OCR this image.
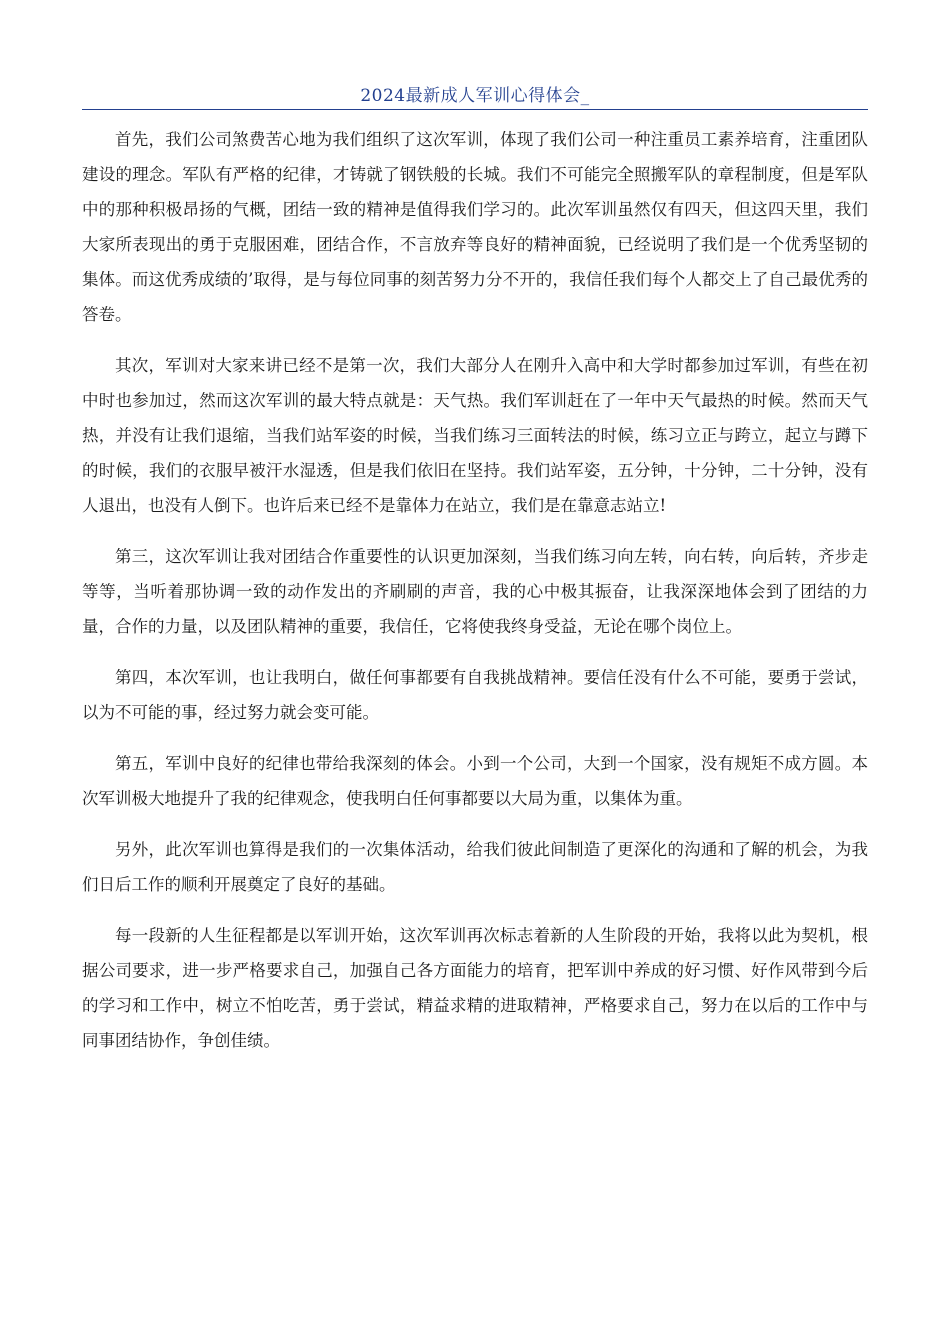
2024最新成人军训心得体会_

首先，我们公司煞费苦心地为我们组织了这次军训，体现了我们公司一种注重员工素养培育，注重团队建设的理念。军队有严格的纪律，才铸就了钢铁般的长城。我们不可能完全照搬军队的章程制度，但是军队中的那种积极昂扬的气概，团结一致的精神是值得我们学习的。此次军训虽然仅有四天，但这四天里，我们大家所表现出的勇于克服困难，团结合作，不言放弃等良好的精神面貌，已经说明了我们是一个优秀坚韧的集体。而这优秀成绩的’取得，是与每位同事的刻苦努力分不开的，我信任我们每个人都交上了自己最优秀的答卷。

其次，军训对大家来讲已经不是第一次，我们大部分人在刚升入高中和大学时都参加过军训，有些在初中时也参加过，然而这次军训的最大特点就是：天气热。我们军训赶在了一年中天气最热的时候。然而天气热，并没有让我们退缩，当我们站军姿的时候，当我们练习三面转法的时候，练习立正与跨立，起立与蹲下的时候，我们的衣服早被汗水湿透，但是我们依旧在坚持。我们站军姿，五分钟，十分钟，二十分钟，没有人退出，也没有人倒下。也许后来已经不是靠体力在站立，我们是在靠意志站立!

第三，这次军训让我对团结合作重要性的认识更加深刻，当我们练习向左转，向右转，向后转，齐步走等等，当听着那协调一致的动作发出的齐刷刷的声音，我的心中极其振奋，让我深深地体会到了团结的力量，合作的力量，以及团队精神的重要，我信任，它将使我终身受益，无论在哪个岗位上。

第四，本次军训，也让我明白，做任何事都要有自我挑战精神。要信任没有什么不可能，要勇于尝试，以为不可能的事，经过努力就会变可能。

第五，军训中良好的纪律也带给我深刻的体会。小到一个公司，大到一个国家，没有规矩不成方圆。本次军训极大地提升了我的纪律观念，使我明白任何事都要以大局为重，以集体为重。

另外，此次军训也算得是我们的一次集体活动，给我们彼此间制造了更深化的沟通和了解的机会，为我们日后工作的顺利开展奠定了良好的基础。

每一段新的人生征程都是以军训开始，这次军训再次标志着新的人生阶段的开始，我将以此为契机，根据公司要求，进一步严格要求自己，加强自己各方面能力的培育，把军训中养成的好习惯、好作风带到今后的学习和工作中，树立不怕吃苦，勇于尝试，精益求精的进取精神，严格要求自己，努力在以后的工作中与同事团结协作，争创佳绩。
